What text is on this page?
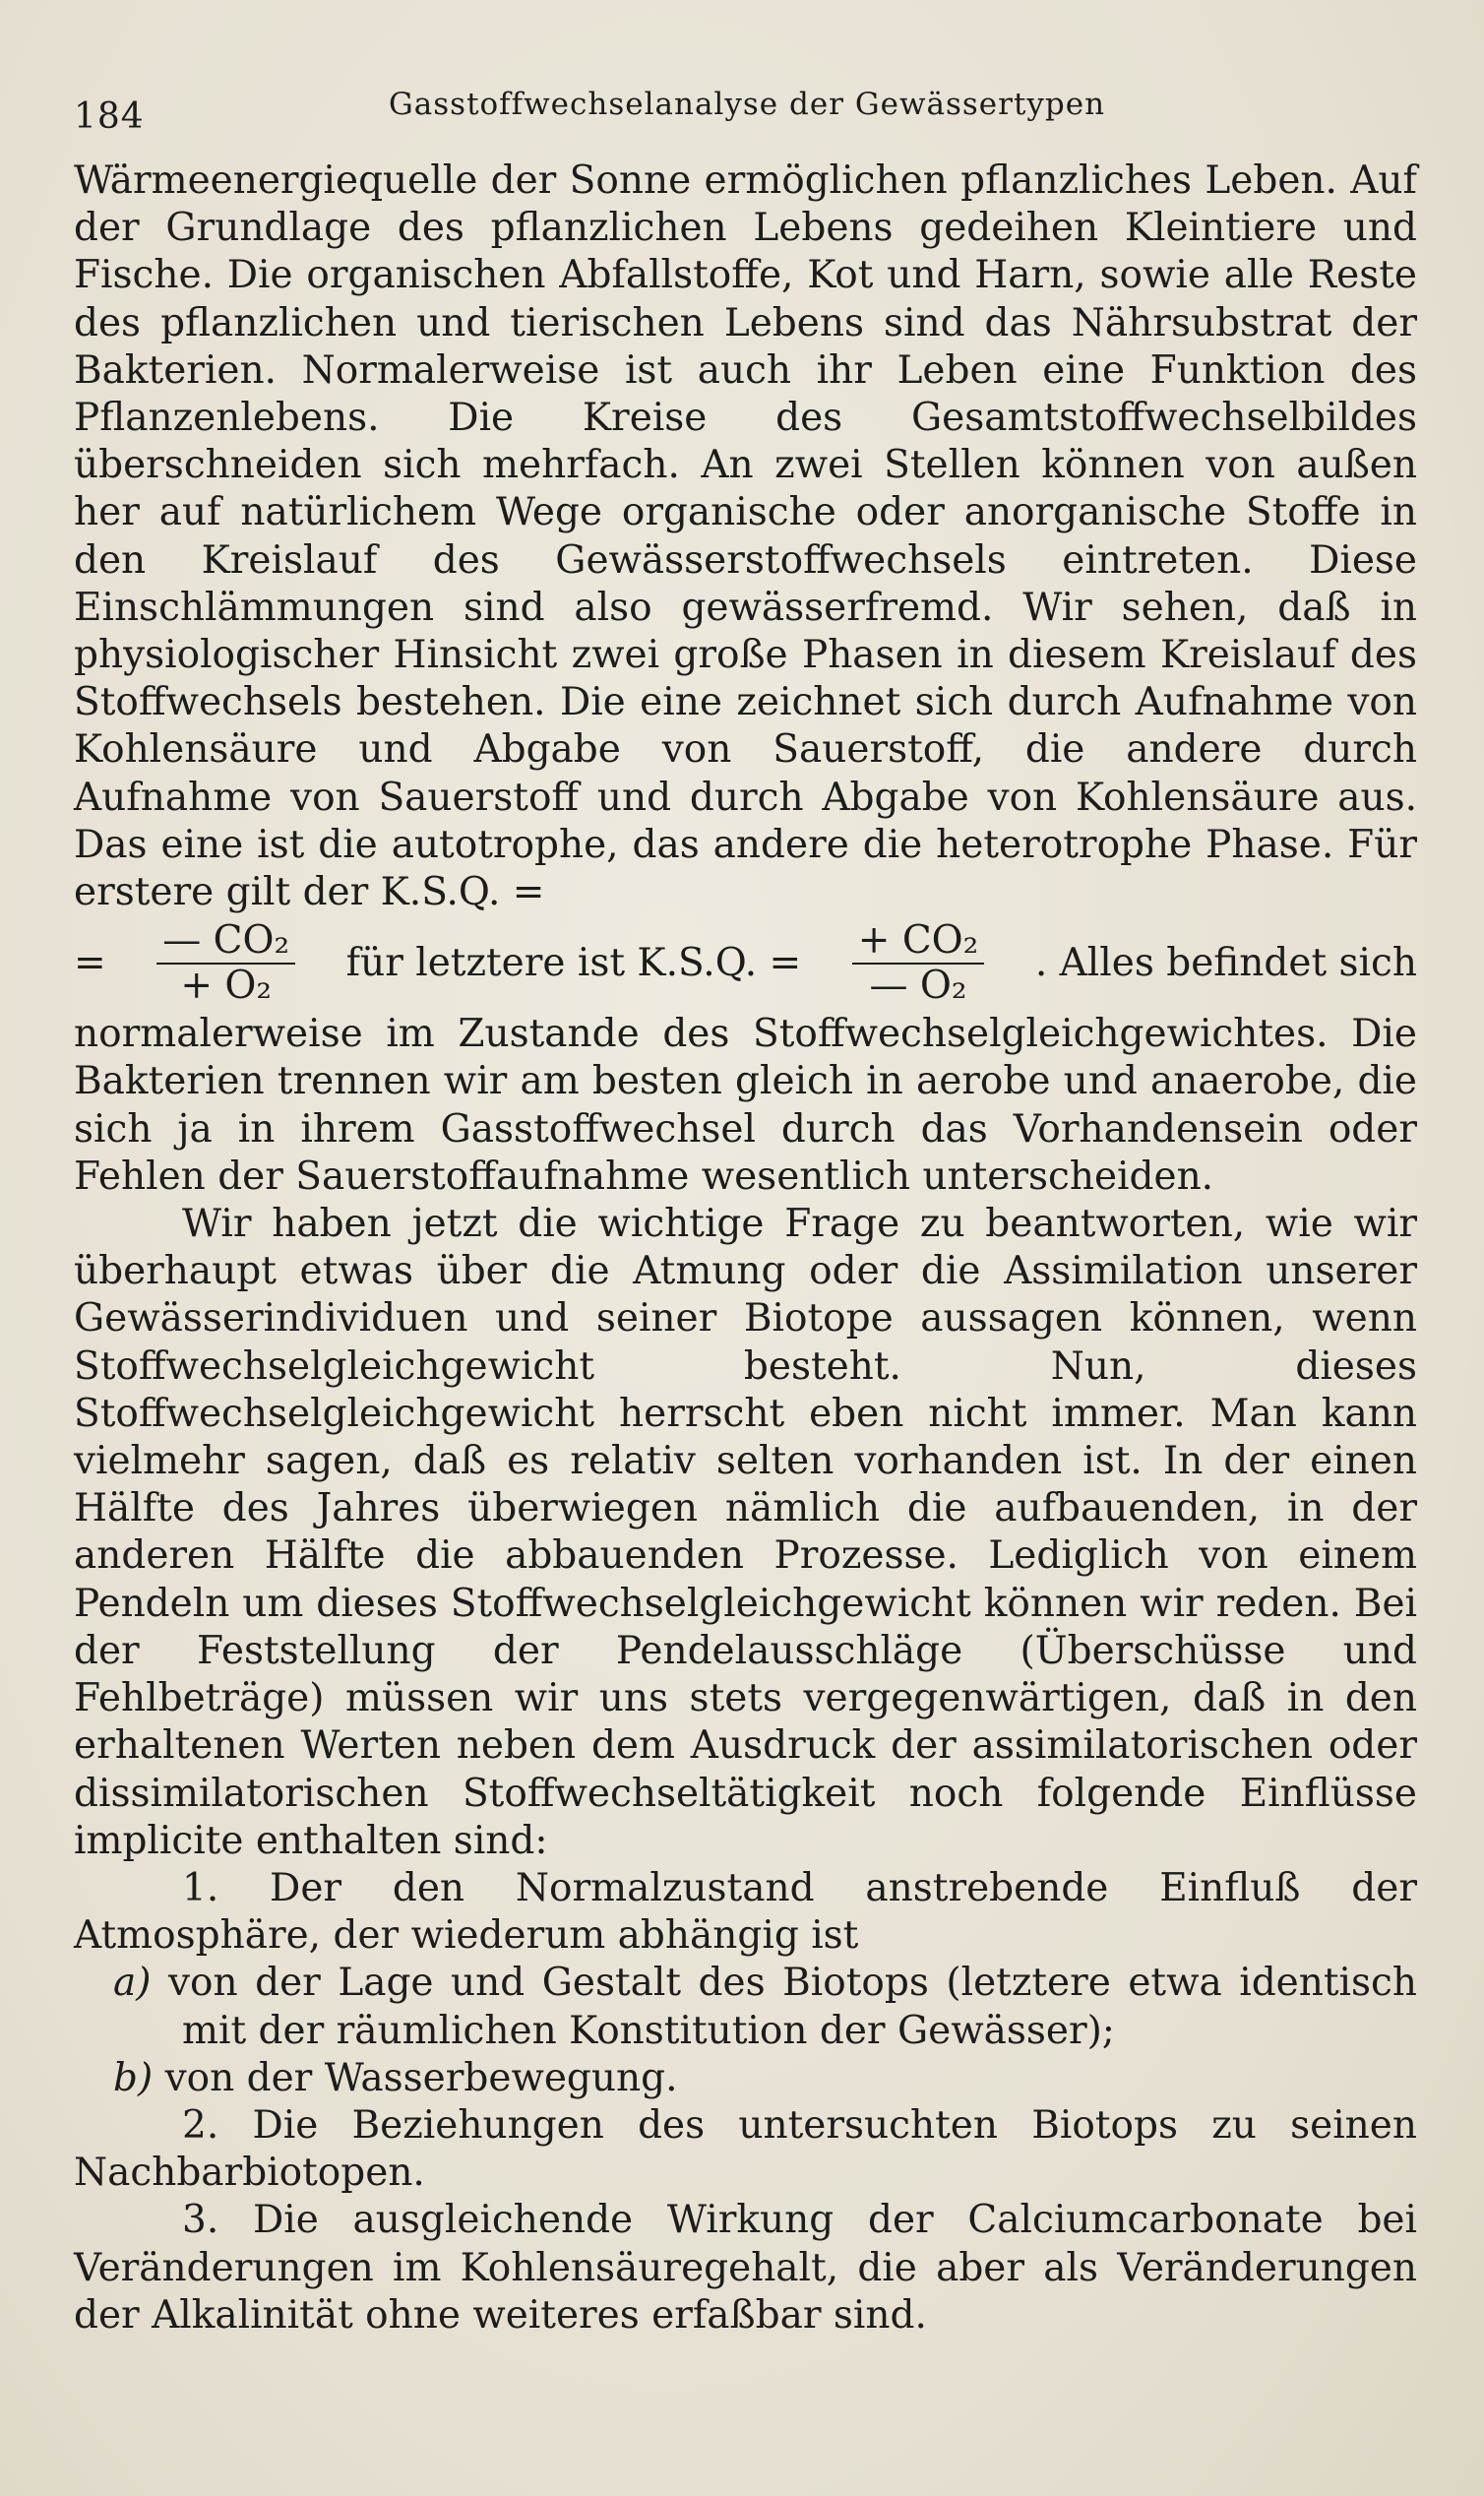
184	Gasstoffwechselanalyse der Gewässertypen

Wärmeenergiequelle der Sonne ermöglichen pflanzliches Leben. Auf der Grundlage des pflanzlichen Lebens gedeihen Kleintiere und Fische. Die organischen Abfallstoffe, Kot und Harn, sowie alle Reste des pflanzlichen und tierischen Lebens sind das Nährsubstrat der Bakterien. Normalerweise ist auch ihr Leben eine Funktion des Pflanzenlebens. Die Kreise des Gesamtstoffwechselbildes überschneiden sich mehrfach. An zwei Stellen können von außen her auf natürlichem Wege organische oder anorganische Stoffe in den Kreislauf des Gewässerstoffwechsels eintreten. Diese Einschlämmungen sind also gewässerfremd. Wir sehen, daß in physiologischer Hinsicht zwei große Phasen in diesem Kreislauf des Stoffwechsels bestehen. Die eine zeichnet sich durch Aufnahme von Kohlensäure und Abgabe von Sauerstoff, die andere durch Aufnahme von Sauerstoff und durch Abgabe von Kohlensäure aus. Das eine ist die autotrophe, das andere die heterotrophe Phase. Für erstere gilt der K.S.Q. =

= $\frac{\text{— CO₂}}{\text{+ O₂}}$ für letztere ist K.S.Q. = $\frac{\text{+ CO₂}}{\text{— O₂}}$ . Alles befindet sich

normalerweise im Zustande des Stoffwechselgleichgewichtes. Die Bakterien trennen wir am besten gleich in aerobe und anaerobe, die sich ja in ihrem Gasstoffwechsel durch das Vorhandensein oder Fehlen der Sauerstoffaufnahme wesentlich unterscheiden.

Wir haben jetzt die wichtige Frage zu beantworten, wie wir überhaupt etwas über die Atmung oder die Assimilation unserer Gewässerindividuen und seiner Biotope aussagen können, wenn Stoffwechselgleichgewicht besteht. Nun, dieses Stoffwechselgleichgewicht herrscht eben nicht immer. Man kann vielmehr sagen, daß es relativ selten vorhanden ist. In der einen Hälfte des Jahres überwiegen nämlich die aufbauenden, in der anderen Hälfte die abbauenden Prozesse. Lediglich von einem Pendeln um dieses Stoffwechselgleichgewicht können wir reden. Bei der Feststellung der Pendelausschläge (Überschüsse und Fehlbeträge) müssen wir uns stets vergegenwärtigen, daß in den erhaltenen Werten neben dem Ausdruck der assimilatorischen oder dissimilatorischen Stoffwechseltätigkeit noch folgende Einflüsse implicite enthalten sind:

1. Der den Normalzustand anstrebende Einfluß der Atmosphäre, der wiederum abhängig ist

a) von der Lage und Gestalt des Biotops (letztere etwa identisch mit der räumlichen Konstitution der Gewässer);

b) von der Wasserbewegung.

2. Die Beziehungen des untersuchten Biotops zu seinen Nachbarbiotopen.

3. Die ausgleichende Wirkung der Calciumcarbonate bei Veränderungen im Kohlensäuregehalt, die aber als Veränderungen der Alkalinität ohne weiteres erfaßbar sind.
